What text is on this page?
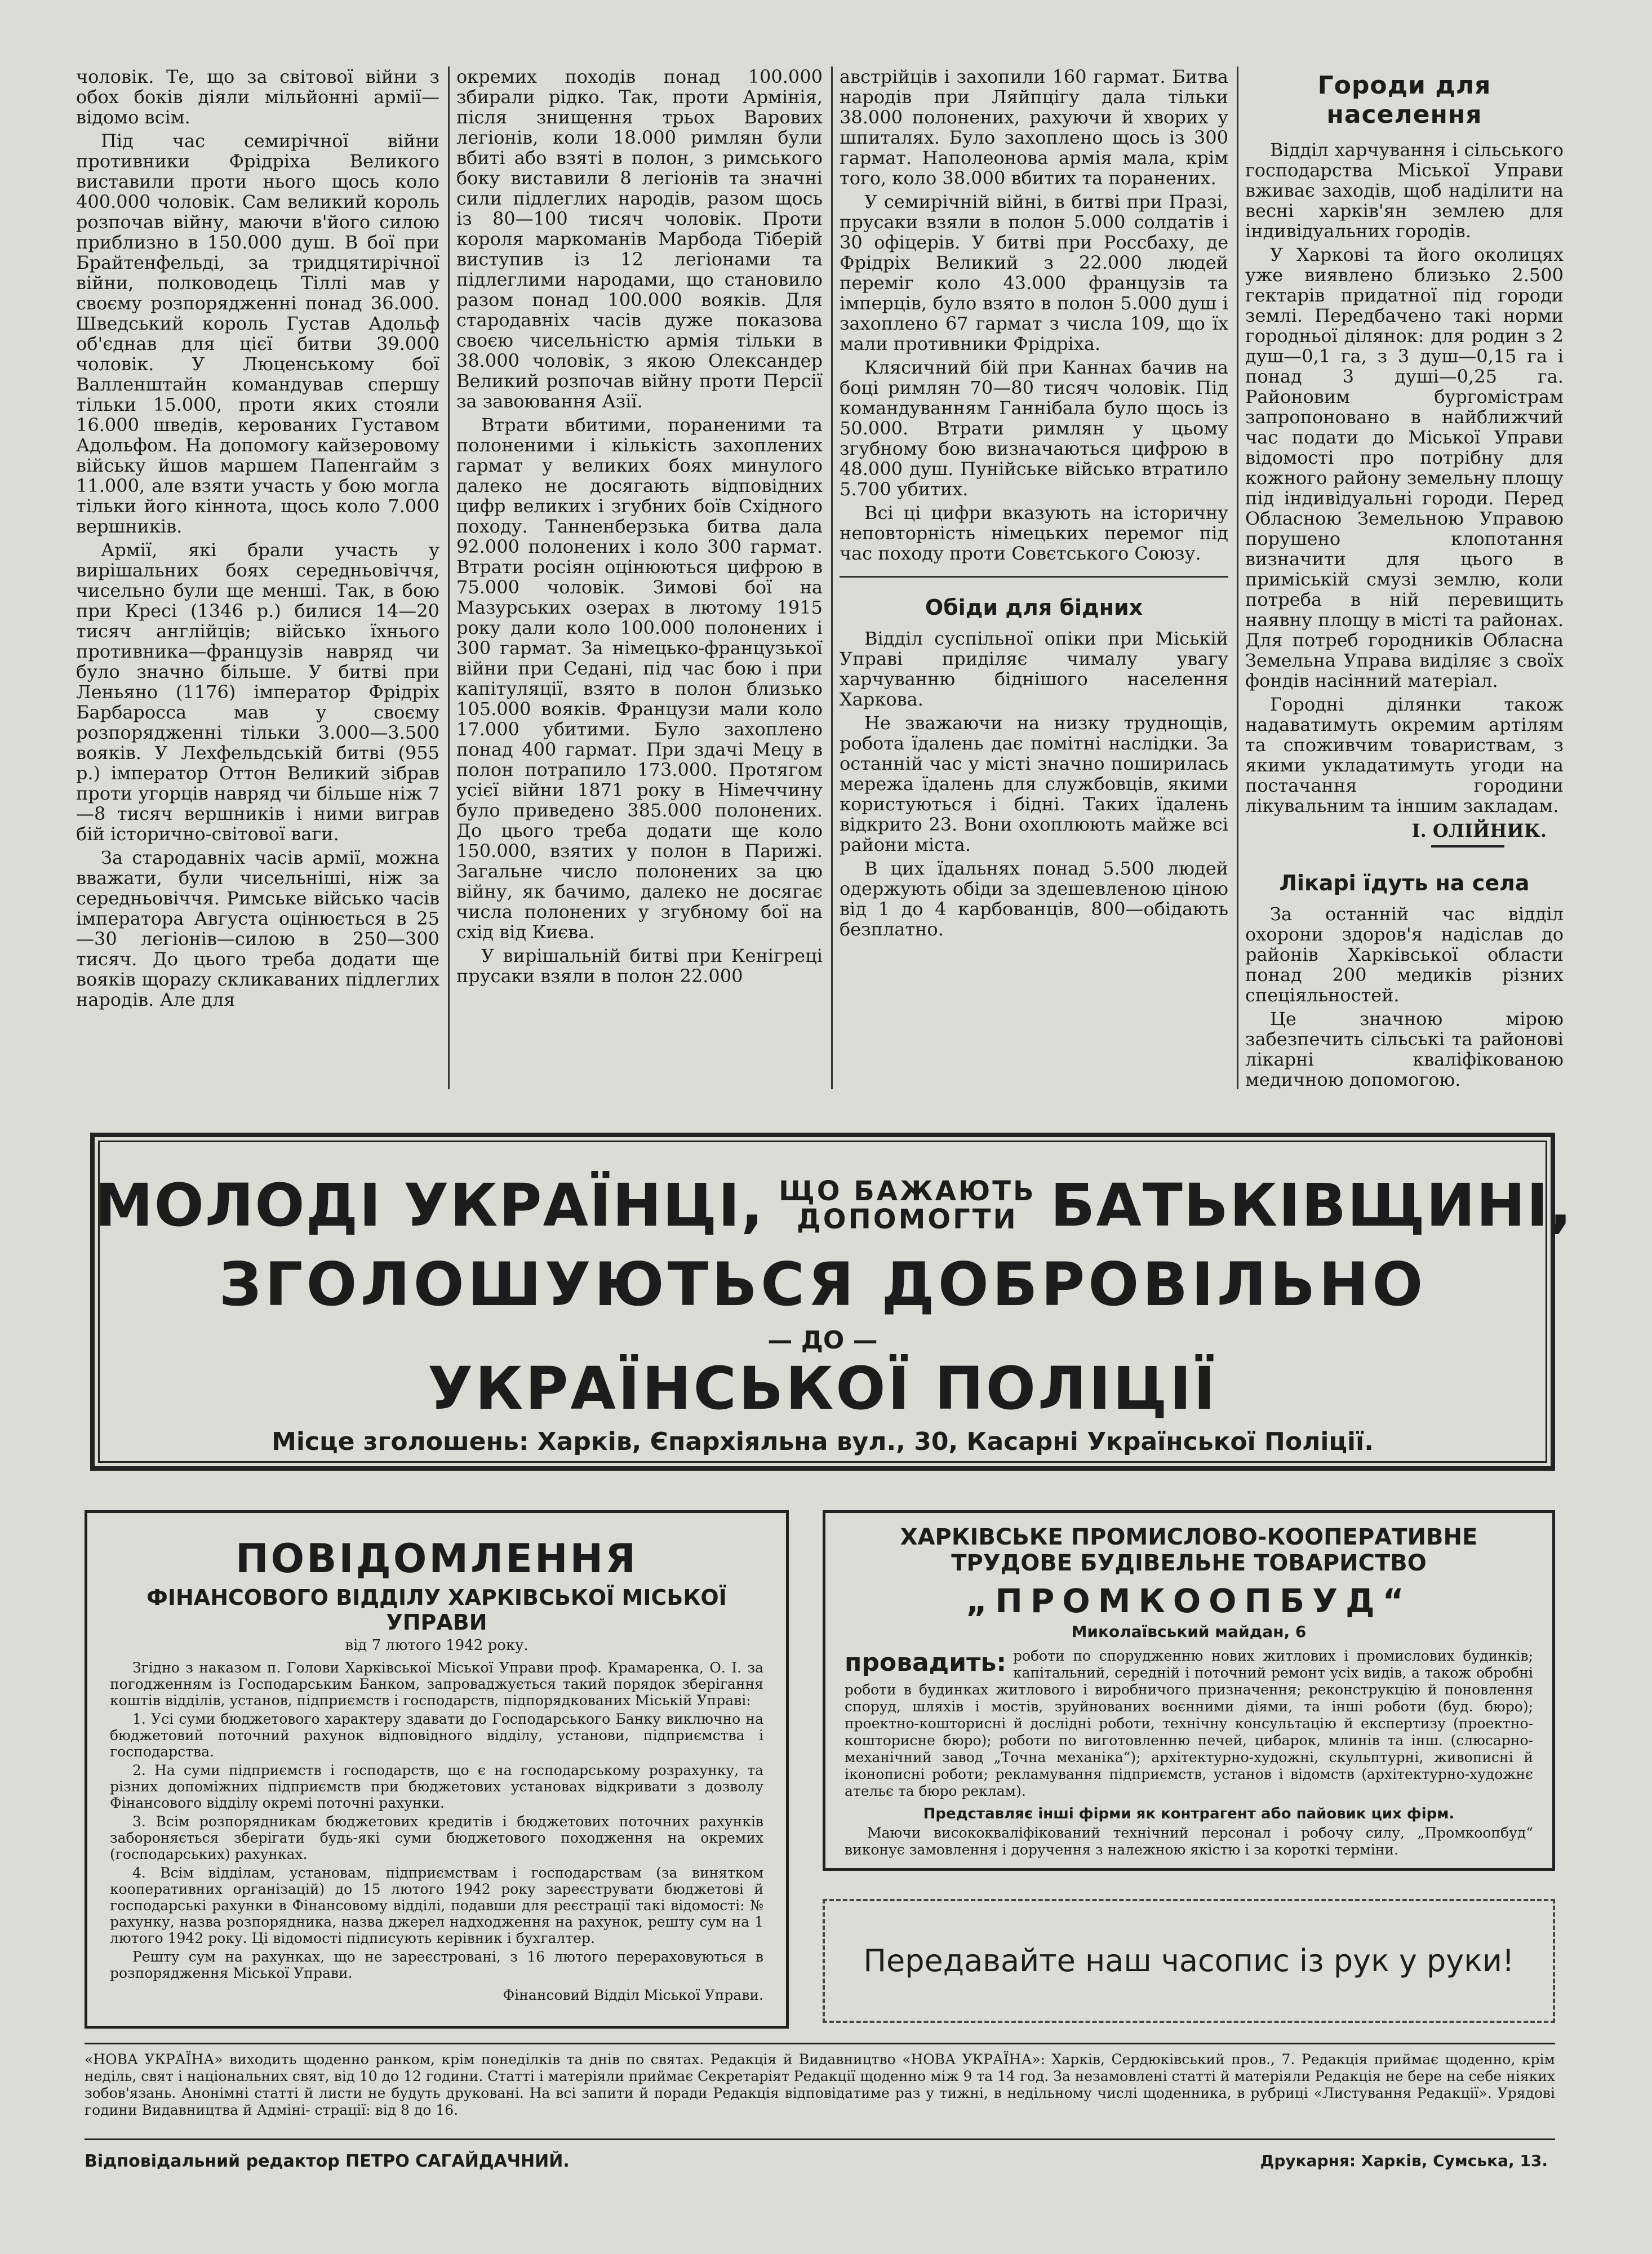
чоловік. Те, що за світової війни з обох боків діяли мільйонні армії—відомо всім.

Під час семирічної війни противники Фрідріха Великого виставили проти нього щось коло 400.000 чоловік. Сам великий король розпочав війну, маючи в'його силою приблизно в 150.000 душ. В бої при Брайтенфельді, за тридцятирічної війни, полководець Тіллі мав у своєму розпорядженні понад 36.000. Шведський король Густав Адольф об'єднав для цієї битви 39.000 чоловік. У Люценському бої Валленштайн командував спершу тільки 15.000, проти яких стояли 16.000 шведів, керованих Густавом Адольфом. На допомогу кайзеровому війську йшов маршем Папенгайм з 11.000, але взяти участь у бою могла тільки його кіннота, щось коло 7.000 вершників.

Армії, які брали участь у вирішальних боях середньовіччя, чисельно були ще менші. Так, в бою при Кресі (1346 р.) билися 14—20 тисяч англійців; військо їхнього противника—французів навряд чи було значно більше. У битві при Леньяно (1176) імператор Фрідріх Барбаросса мав у своєму розпорядженні тільки 3.000—3.500 вояків. У Лехфельдській битві (955 р.) імператор Оттон Великий зібрав проти угорців навряд чи більше ніж 7—8 тисяч вершників і ними виграв бій історично-світової ваги.

За стародавніх часів армії, можна вважати, були чисельніші, ніж за середньовіччя. Римське військо часів імператора Августа оцінюється в 25—30 легіонів—силою в 250—300 тисяч. До цього треба додати ще вояків щорazy скликаваних підлеглих народів. Але для

окремих походів понад 100.000 збирали рідко. Так, проти Армінія, після знищення трьох Варових легіонів, коли 18.000 римлян були вбиті або взяті в полон, з римського боку виставили 8 легіонів та значні сили підлеглих народів, разом щось із 80—100 тисяч чоловік. Проти короля маркоманів Марбода Тіберій виступив із 12 легіонами та підлеглими народами, що становило разом понад 100.000 вояків. Для стародавніх часів дуже показова своєю чисельністю армія тільки в 38.000 чоловік, з якою Олександер Великий розпочав війну проти Персії за завоювання Азії.

Втрати вбитими, пораненими та полоненими і кількість захоплених гармат у великих боях минулого далеко не досягають відповідних цифр великих і згубних боїв Східного походу. Танненберзька битва дала 92.000 полонених і коло 300 гармат. Втрати росіян оцінюються цифрою в 75.000 чоловік. Зимові бої на Мазурських озерах в лютому 1915 року дали коло 100.000 полонених і 300 гармат. За німецько-французької війни при Седані, під час бою і при капітуляції, взято в полон близько 105.000 вояків. Французи мали коло 17.000 убитими. Було захоплено понад 400 гармат. При здачі Мецу в полон потрапило 173.000. Протягом усієї війни 1871 року в Німеччину було приведено 385.000 полонених. До цього треба додати ще коло 150.000, взятих у полон в Парижі. Загальне число полонених за цю війну, як бачимо, далеко не досягає числа полонених у згубному бої на схід від Києва.

У вирішальній битві при Кенігреці прусаки взяли в полон 22.000

австрійців і захопили 160 гармат. Битва народів при Ляйпцігу дала тільки 38.000 полонених, рахуючи й хворих у шпиталях. Було захоплено щось із 300 гармат. Наполеонова армія мала, крім того, коло 38.000 вбитих та поранених.

У семирічній війні, в битві при Празі, прусаки взяли в полон 5.000 солдатів і 30 офіцерів. У битві при Россбаху, де Фрідріх Великий з 22.000 людей переміг коло 43.000 французів та імперців, було взято в полон 5.000 душ і захоплено 67 гармат з числа 109, що їх мали противники Фрідріха.

Клясичний бій при Каннах бачив на боці римлян 70—80 тисяч чоловік. Під командуванням Ганнібала було щось із 50.000. Втрати римлян у цьому згубному бою визначаються цифрою в 48.000 душ. Пунійське військо втратило 5.700 убитих.

Всі ці цифри вказують на історичну неповторність німецьких перемог під час походу проти Совєтського Союзу.

Обіди для бідних

Відділ суспільної опіки при Міській Управі приділяє чималу увагу харчуванню біднішого населення Харкова.

Не зважаючи на низку труднощів, робота їдалень дає помітні наслідки. За останній час у місті значно поширилась мережа їдалень для службовців, якими користуються і бідні. Таких їдалень відкрито 23. Вони охоплюють майже всі райони міста.

В цих їдальнях понад 5.500 людей одержують обіди за здешевленою ціною від 1 до 4 карбованців, 800—обідають безплатно.

Городи для населення

Відділ харчування і сільського господарства Міської Управи вживає заходів, щоб наділити на весні харків'ян землею для індивідуальних городів.

У Харкові та його околицях уже виявлено близько 2.500 гектарів придатної під городи землі. Передбачено такі норми городньої ділянок: для родин з 2 душ—0,1 га, з 3 душ—0,15 га і понад 3 душі—0,25 га. Районовим бургомістрам запропоновано в найближчий час подати до Міської Управи відомості про потрібну для кожного району земельну площу під індивідуальні городи. Перед Обласною Земельною Управою порушено клопотання визначити для цього в приміській смузі землю, коли потреба в ній перевищить наявну площу в місті та районах. Для потреб городників Обласна Земельна Управа виділяє з своїх фондів насінний матеріал.

Городні ділянки також надаватимуть окремим артілям та споживчим товариствам, з якими укладатимуть угоди на постачання городини лікувальним та іншим закладам.

І. ОЛІЙНИК.
Лікарі їдуть на села

За останній час відділ охорони здоров'я надіслав до районів Харківської области понад 200 медиків різних спеціяльностей.

Це значною мірою забезпечить сільські та районові лікарні кваліфікованою медичною допомогою.

МОЛОДІ УКРАЇНЦІ, ЩО БАЖАЮТЬ
ДОПОМОГТИ БАТЬКІВЩИНІ,
ЗГОЛОШУЮТЬСЯ ДОБРОВІЛЬНО
— ДО —
УКРАЇНСЬКОЇ ПОЛІЦІЇ
Місце зголошень: Харків, Єпархіяльна вул., 30, Касарні Української Поліції.
ПОВІДОМЛЕННЯ
ФІНАНСОВОГО ВІДДІЛУ ХАРКІВСЬКОЇ МІСЬКОЇ УПРАВИ
від 7 лютого 1942 року.

Згідно з наказом п. Голови Харківської Міської Управи проф. Крамаренка, О. І. за погодженням із Господарським Банком, запроваджується такий порядок зберігання коштів відділів, установ, підприємств і господарств, підпорядкованих Міській Управі:

1. Усі суми бюджетового характеру здавати до Господарського Банку виключно на бюджетовий поточний рахунок відповідного відділу, установи, підприємства і господарства.

2. На суми підприємств і господарств, що є на господарському розрахунку, та різних допоміжних підприємств при бюджетових установах відкривати з дозволу Фінансового відділу окремі поточні рахунки.

3. Всім розпорядникам бюджетових кредитів і бюджетових поточних рахунків забороняється зберігати будь-які суми бюджетового походження на окремих (господарських) рахунках.

4. Всім відділам, установам, підприємствам і господарствам (за винятком кооперативних організацій) до 15 лютого 1942 року зареєструвати бюджетові й господарські рахунки в Фінансовому відділі, подавши для реєстрації такі відомості: № рахунку, назва розпорядника, назва джерел надходження на рахунок, решту сум на 1 лютого 1942 року. Ці відомості підписують керівник і бухгалтер.

Решту сум на рахунках, що не зареєстровані, з 16 лютого перераховуються в розпорядження Міської Управи.

Фінансовий Відділ Міської Управи.

ХАРКІВСЬКЕ ПРОМИСЛОВО-КООПЕРАТИВНЕ ТРУДОВЕ БУДІВЕЛЬНЕ ТОВАРИСТВО
„ПРОМКООПБУД“
Миколаївський майдан, 6

провадить: роботи по спорудженню нових житлових і промислових будинків; капітальний, середній і поточний ремонт усіх видів, а також обробні роботи в будинках житлового і виробничого призначення; реконструкцію й поновлення споруд, шляхів і мостів, зруйнованих воєнними діями, та інші роботи (буд. бюро); проектно-кошторисні й дослідні роботи, технічну консультацію й експертизу (проектно-кошторисне бюро); роботи по виготовленню печей, цибарок, млинів та інш. (слюсарно-механічний завод „Точна механіка“); архітектурно-художні, скульптурні, живописні й іконописні роботи; рекламування підприємств, установ і відомств (архітектурно-художнє ательє та бюро реклам).

Представляє інші фірми як контрагент або пайовик цих фірм.

Маючи висококваліфікований технічний персонал і робочу силу, „Промкоопбуд“ виконує замовлення і доручення з належною якістю і за короткі терміни.

Передавайте наш часопис із рук у руки!
«НОВА УКРАЇНА» виходить щоденно ранком, крім понеділків та днів по святах. Редакція й Видавництво «НОВА УКРАЇНА»: Харків, Сердюківський пров., 7. Редакція приймає щоденно, крім неділь, свят і національних свят, від 10 до 12 години. Статті і матеріяли приймає Секретаріят Редакції щоденно між 9 та 14 год. За незамовлені статті й матеріяли Редакція не бере на себе ніяких зобов'язань. Анонімні статті й листи не будуть друковані. На всі запити й поради Редакція відповідатиме раз у тижні, в недільному числі щоденника, в рубриці «Листування Редакції». Урядові години Видавництва й Адміні- страції: від 8 до 16.
Відповідальний редактор ПЕТРО САГАЙДАЧНИЙ.	Друкарня: Харків, Сумська, 13.
